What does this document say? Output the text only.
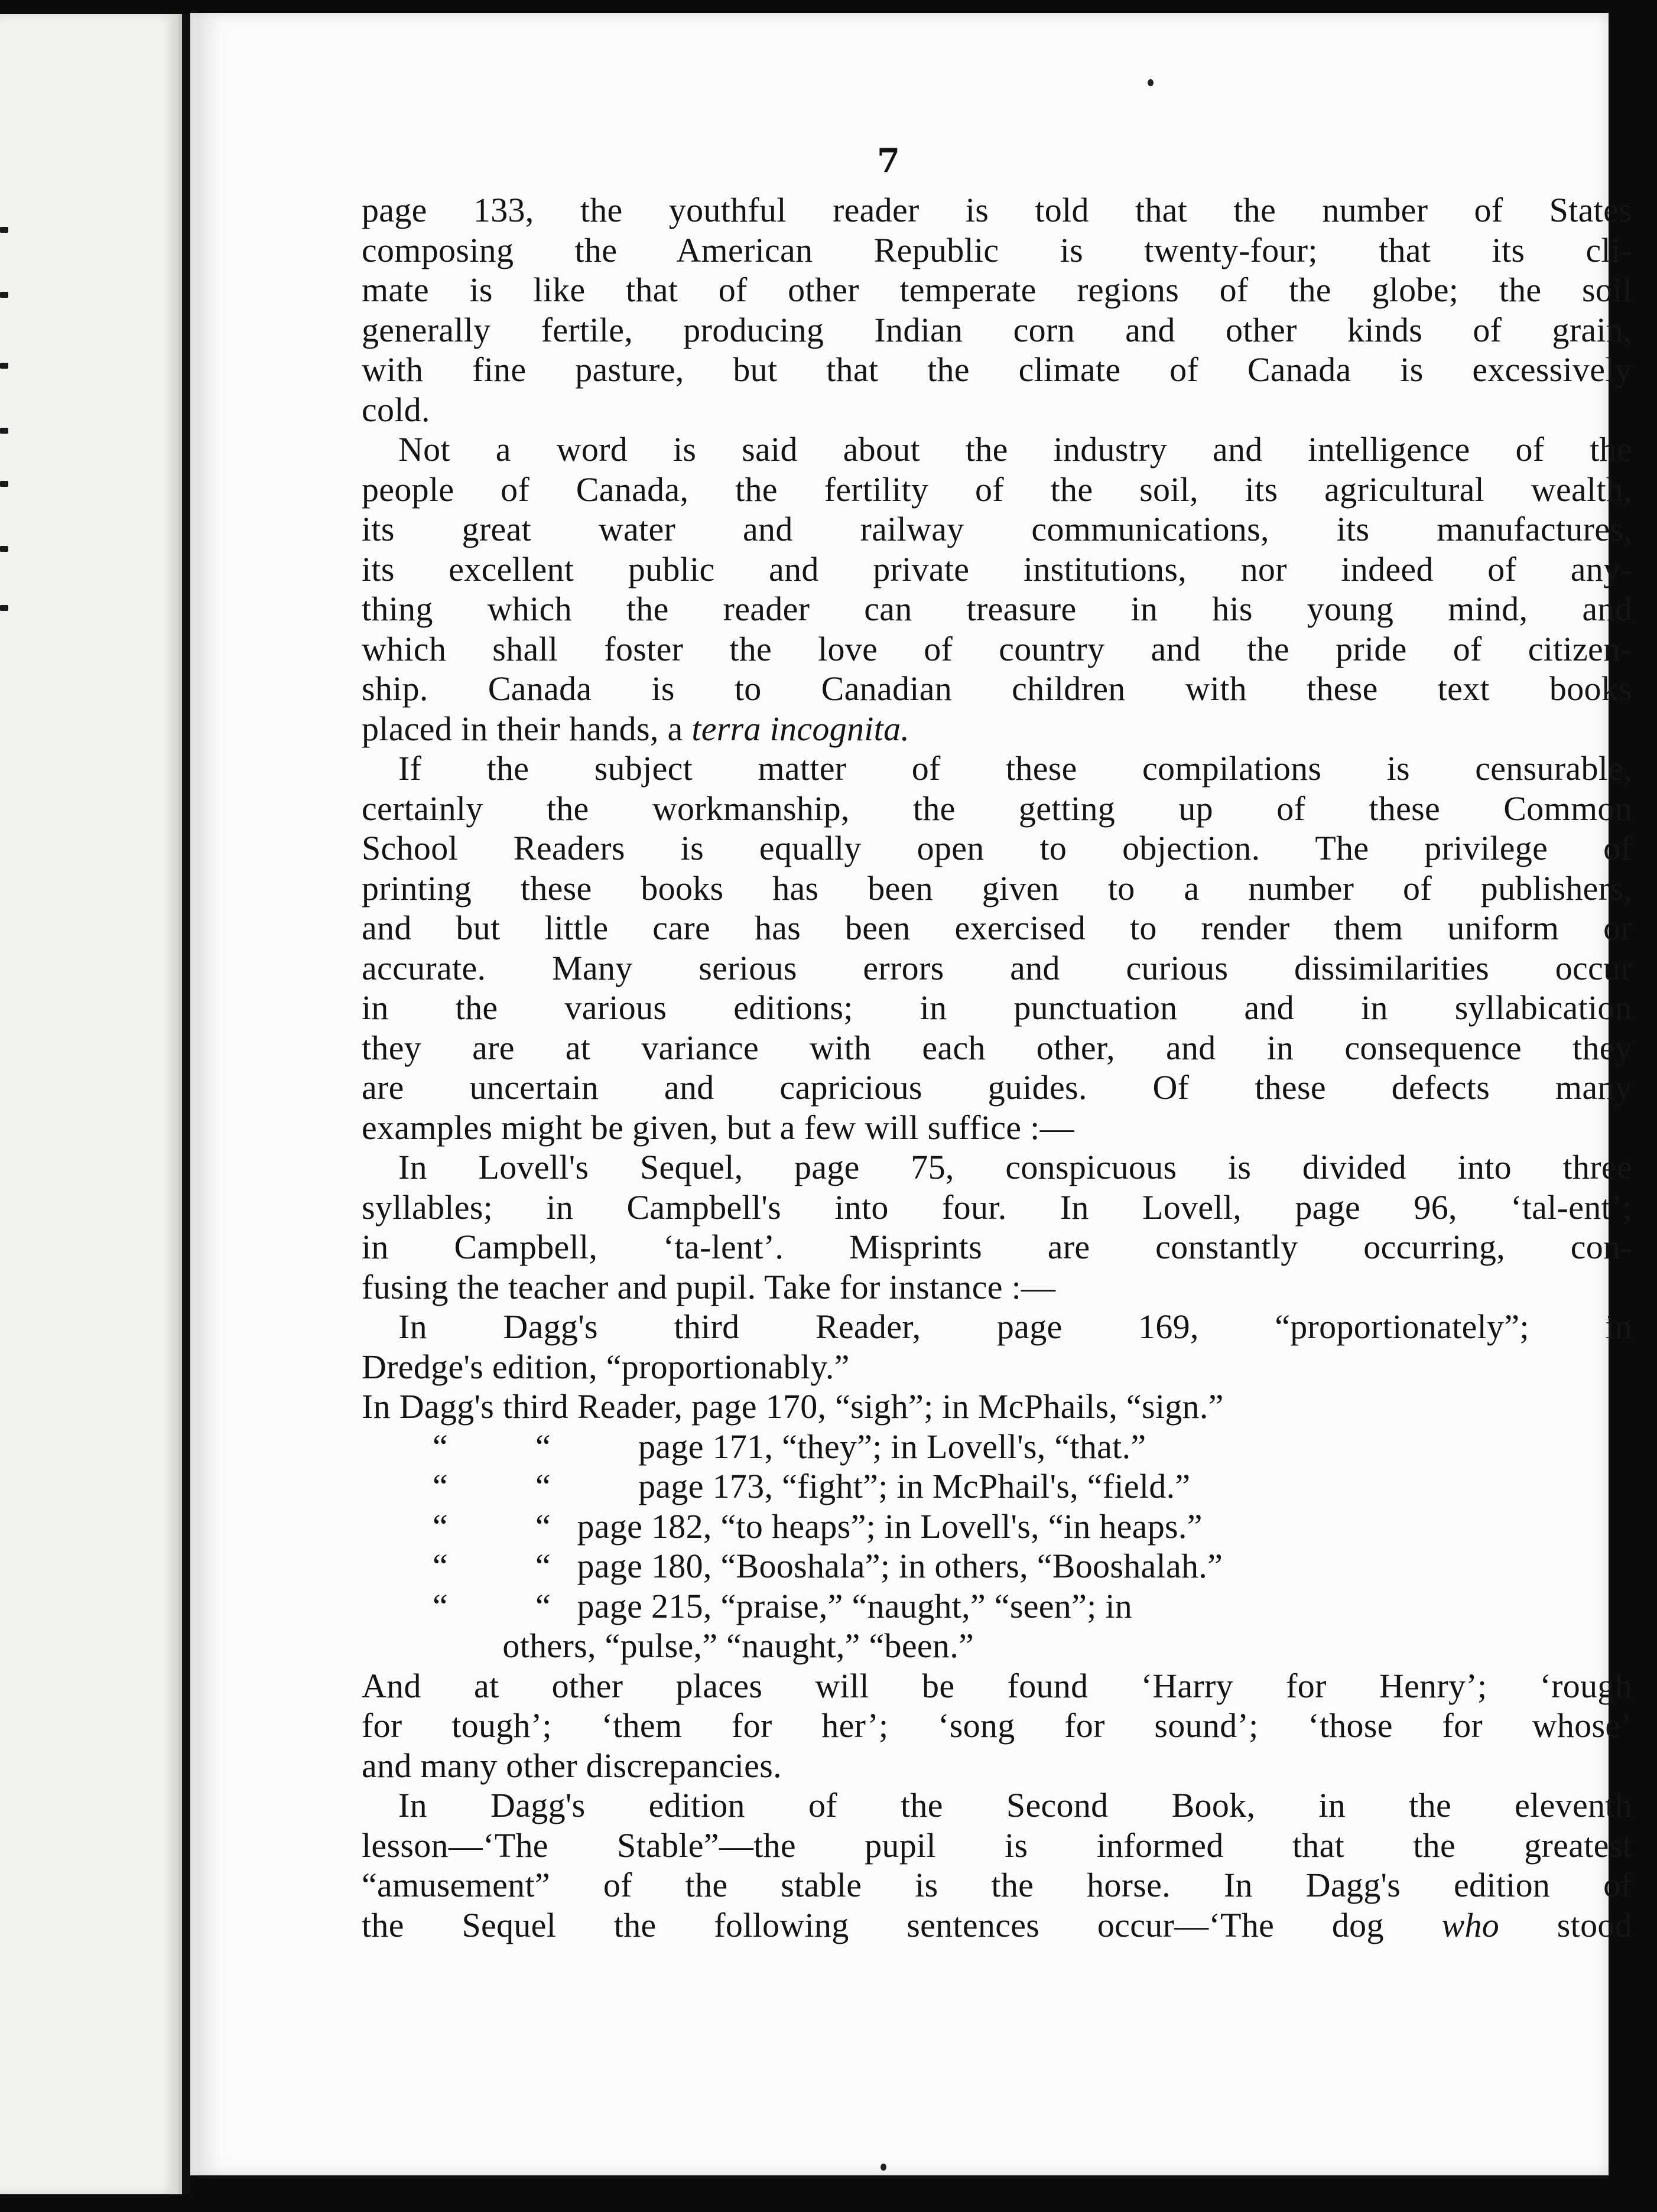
7

page 133, the youthful reader is told that the number of States
composing the American Republic is twenty-four; that its cli-
mate is like that of other temperate regions of the globe; the soil
generally fertile, producing Indian corn and other kinds of grain,
with fine pasture, but that the climate of Canada is excessively
cold.

Not a word is said about the industry and intelligence of the
people of Canada, the fertility of the soil, its agricultural wealth,
its great water and railway communications, its manufactures,
its excellent public and private institutions, nor indeed of any-
thing which the reader can treasure in his young mind, and
which shall foster the love of country and the pride of citizen-
ship. Canada is to Canadian children with these text books
placed in their hands, a terra incognita.

If the subject matter of these compilations is censurable,
certainly the workmanship, the getting up of these Common
School Readers is equally open to objection. The privilege of
printing these books has been given to a number of publishers,
and but little care has been exercised to render them uniform or
accurate. Many serious errors and curious dissimilarities occur
in the various editions; in punctuation and in syllabication
they are at variance with each other, and in consequence they
are uncertain and capricious guides. Of these defects many
examples might be given, but a few will suffice :—

In Lovell's Sequel, page 75, conspicuous is divided into three
syllables; in Campbell's into four. In Lovell, page 96, ‘tal-ent’;
in Campbell, ‘ta-lent’. Misprints are constantly occurring, con-
fusing the teacher and pupil. Take for instance :—

In Dagg's third Reader, page 169, “proportionately”; in
Dredge's edition, “proportionably.”

In Dagg's third Reader, page 170, “sigh”; in McPhails, “sign.”
“          “          page 171, “they”; in Lovell's, “that.”
“          “          page 173, “fight”; in McPhail's, “field.”
“          “   page 182, “to heaps”; in Lovell's, “in heaps.”
“          “   page 180, “Booshala”; in others, “Booshalah.”
“          “   page 215, “praise,” “naught,” “seen”; in
others, “pulse,” “naught,” “been.”

And at other places will be found ‘Harry for Henry’; ‘rough
for tough’; ‘them for her’; ‘song for sound’; ‘those for whose’
and many other discrepancies.

In Dagg's edition of the Second Book, in the eleventh
lesson—‘The Stable”—the pupil is informed that the greatest
“amusement” of the stable is the horse. In Dagg's edition of
the Sequel the following sentences occur—‘The dog who stood
